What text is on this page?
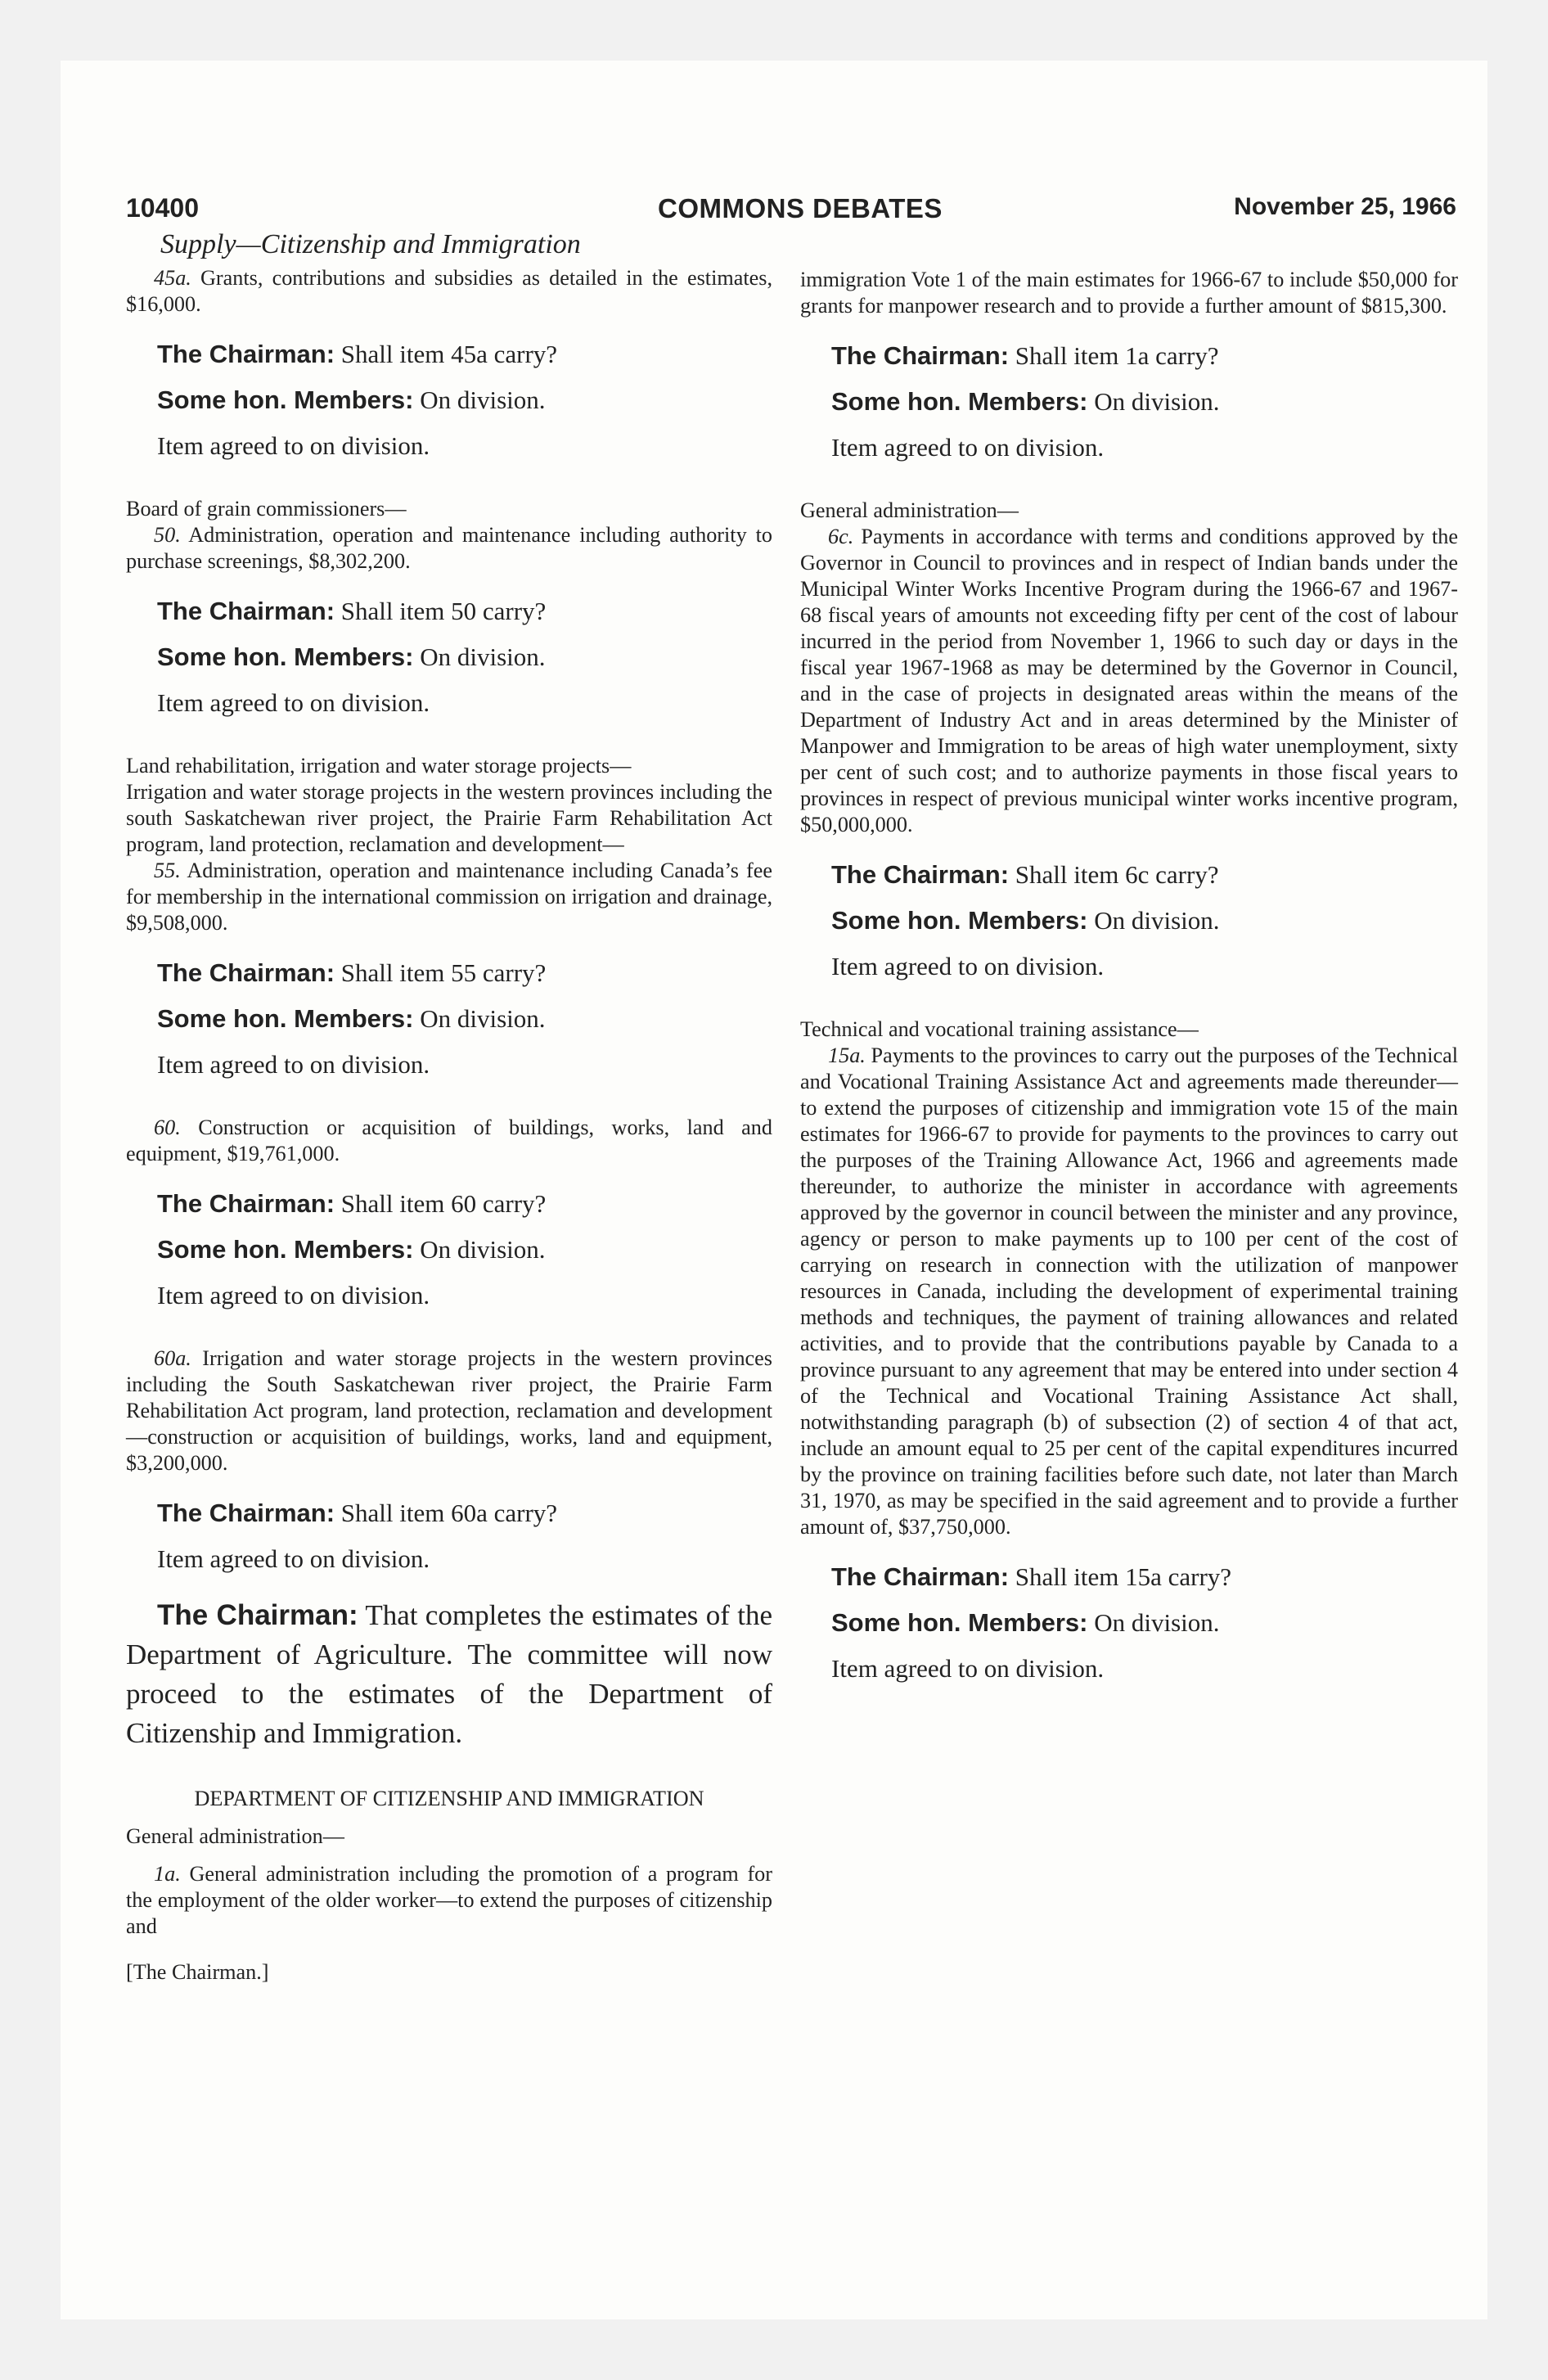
10400	COMMONS DEBATES	November 25, 1966
Supply—Citizenship and Immigration

45a. Grants, contributions and subsidies as detailed in the estimates, $16,000.

The Chairman: Shall item 45a carry?

Some hon. Members: On division.

Item agreed to on division.

Board of grain commissioners—

50. Administration, operation and maintenance including authority to purchase screenings, $8,302,200.

The Chairman: Shall item 50 carry?

Some hon. Members: On division.

Item agreed to on division.

Land rehabilitation, irrigation and water storage projects—

Irrigation and water storage projects in the western provinces including the south Saskatchewan river project, the Prairie Farm Rehabilitation Act program, land protection, reclamation and development—

55. Administration, operation and maintenance including Canada’s fee for membership in the international commission on irrigation and drainage, $9,508,000.

The Chairman: Shall item 55 carry?

Some hon. Members: On division.

Item agreed to on division.

60. Construction or acquisition of buildings, works, land and equipment, $19,761,000.

The Chairman: Shall item 60 carry?

Some hon. Members: On division.

Item agreed to on division.

60a. Irrigation and water storage projects in the western provinces including the South Saskatchewan river project, the Prairie Farm Rehabilitation Act program, land protection, reclamation and development—construction or acquisition of buildings, works, land and equipment, $3,200,000.

The Chairman: Shall item 60a carry?

Item agreed to on division.

The Chairman: That completes the estimates of the Department of Agriculture. The committee will now proceed to the estimates of the Department of Citizenship and Immigration.

DEPARTMENT OF CITIZENSHIP AND IMMIGRATION

General administration—

1a. General administration including the promotion of a program for the employment of the older worker—to extend the purposes of citizenship and

[The Chairman.]

immigration Vote 1 of the main estimates for 1966-67 to include $50,000 for grants for manpower research and to provide a further amount of $815,300.

The Chairman: Shall item 1a carry?

Some hon. Members: On division.

Item agreed to on division.

General administration—

6c. Payments in accordance with terms and conditions approved by the Governor in Council to provinces and in respect of Indian bands under the Municipal Winter Works Incentive Program during the 1966-67 and 1967-68 fiscal years of amounts not exceeding fifty per cent of the cost of labour incurred in the period from November 1, 1966 to such day or days in the fiscal year 1967-1968 as may be determined by the Governor in Council, and in the case of projects in designated areas within the means of the Department of Industry Act and in areas determined by the Minister of Manpower and Immigration to be areas of high water unemployment, sixty per cent of such cost; and to authorize payments in those fiscal years to provinces in respect of previous municipal winter works incentive program, $50,000,000.

The Chairman: Shall item 6c carry?

Some hon. Members: On division.

Item agreed to on division.

Technical and vocational training assistance—

15a. Payments to the provinces to carry out the purposes of the Technical and Vocational Training Assistance Act and agreements made thereunder—to extend the purposes of citizenship and immigration vote 15 of the main estimates for 1966-67 to provide for payments to the provinces to carry out the purposes of the Training Allowance Act, 1966 and agreements made thereunder, to authorize the minister in accordance with agreements approved by the governor in council between the minister and any province, agency or person to make payments up to 100 per cent of the cost of carrying on research in connection with the utilization of manpower resources in Canada, including the development of experimental training methods and techniques, the payment of training allowances and related activities, and to provide that the contributions payable by Canada to a province pursuant to any agreement that may be entered into under section 4 of the Technical and Vocational Training Assistance Act shall, notwithstanding paragraph (b) of subsection (2) of section 4 of that act, include an amount equal to 25 per cent of the capital expenditures incurred by the province on training facilities before such date, not later than March 31, 1970, as may be specified in the said agreement and to provide a further amount of, $37,750,000.

The Chairman: Shall item 15a carry?

Some hon. Members: On division.

Item agreed to on division.
